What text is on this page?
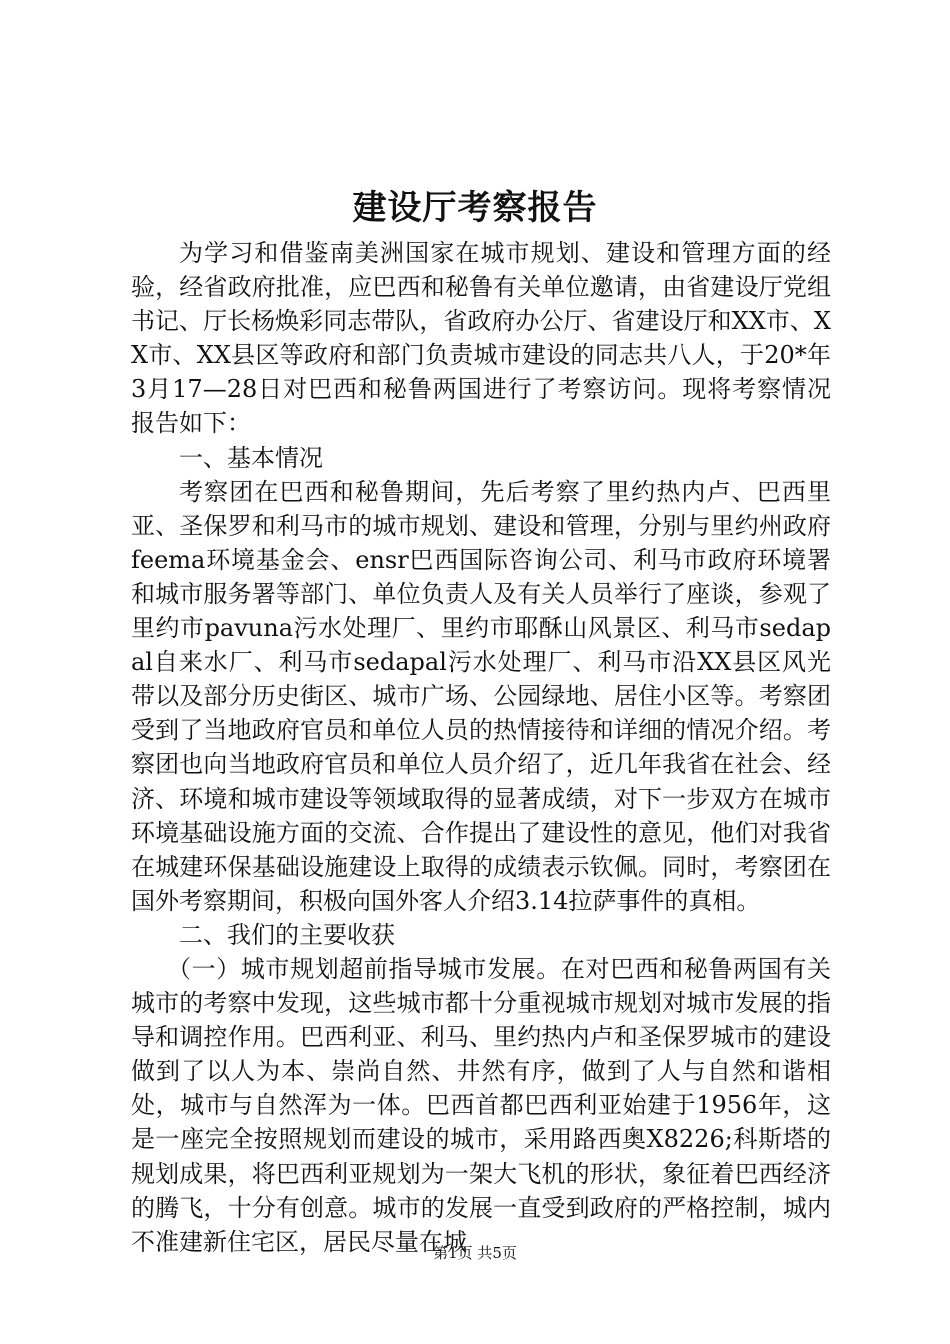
建设厅考察报告

为学习和借鉴南美洲国家在城市规划、建设和管理方面的经验，经省政府批准，应巴西和秘鲁有关单位邀请，由省建设厅党组书记、厅长杨焕彩同志带队，省政府办公厅、省建设厅和XX市、XX市、XX县区等政府和部门负责城市建设的同志共八人，于20*年3月17—28日对巴西和秘鲁两国进行了考察访问。现将考察情况报告如下：

一、基本情况

考察团在巴西和秘鲁期间，先后考察了里约热内卢、巴西里亚、圣保罗和利马市的城市规划、建设和管理，分别与里约州政府feema环境基金会、ensr巴西国际咨询公司、利马市政府环境署和城市服务署等部门、单位负责人及有关人员举行了座谈，参观了里约市pavuna污水处理厂、里约市耶酥山风景区、利马市sedapal自来水厂、利马市sedapal污水处理厂、利马市沿XX县区风光带以及部分历史街区、城市广场、公园绿地、居住小区等。考察团受到了当地政府官员和单位人员的热情接待和详细的情况介绍。考察团也向当地政府官员和单位人员介绍了，近几年我省在社会、经济、环境和城市建设等领域取得的显著成绩，对下一步双方在城市环境基础设施方面的交流、合作提出了建设性的意见，他们对我省在城建环保基础设施建设上取得的成绩表示钦佩。同时，考察团在国外考察期间，积极向国外客人介绍3.14拉萨事件的真相。

二、我们的主要收获

（一）城市规划超前指导城市发展。在对巴西和秘鲁两国有关城市的考察中发现，这些城市都十分重视城市规划对城市发展的指导和调控作用。巴西利亚、利马、里约热内卢和圣保罗城市的建设做到了以人为本、崇尚自然、井然有序，做到了人与自然和谐相处，城市与自然浑为一体。巴西首都巴西利亚始建于1956年，这是一座完全按照规划而建设的城市，采用路西奥X8226;科斯塔的规划成果，将巴西利亚规划为一架大飞机的形状，象征着巴西经济的腾飞，十分有创意。城市的发展一直受到政府的严格控制，城内不准建新住宅区，居民尽量在城

第1页 共5页
